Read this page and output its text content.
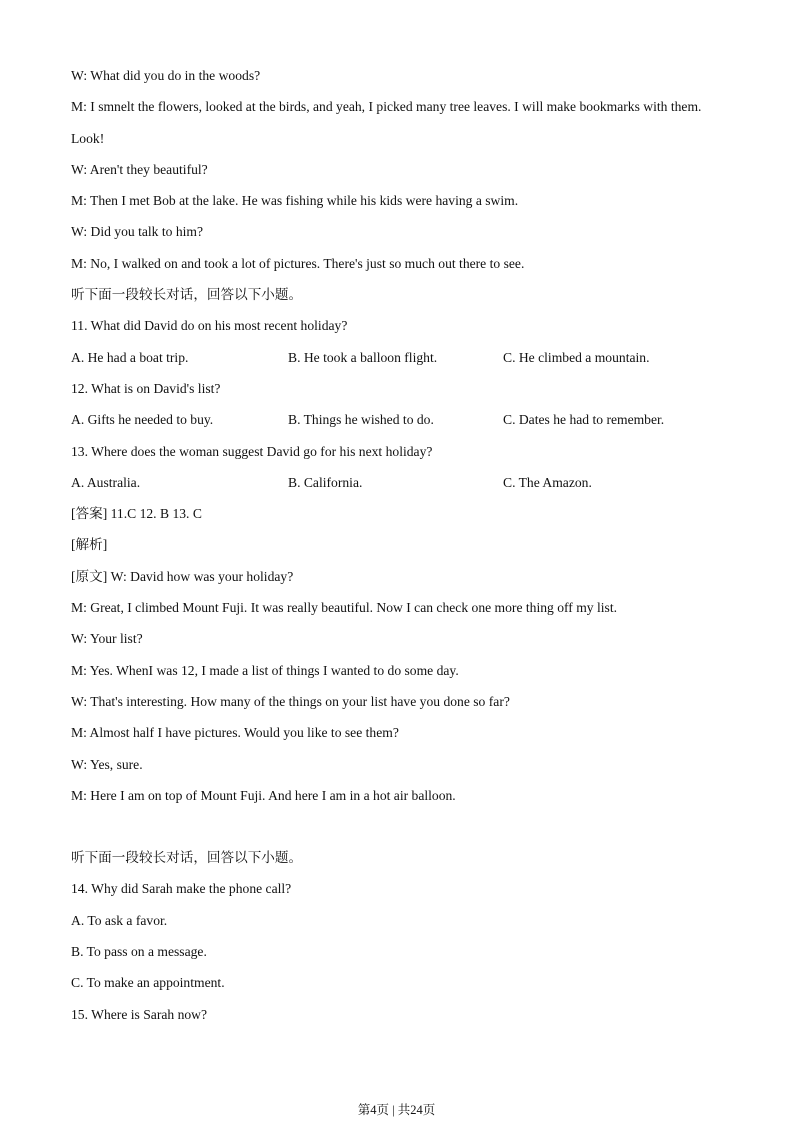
W: What did you do in the woods?
M: I smnelt the flowers, looked at the birds, and yeah, I picked many tree leaves. I will make bookmarks with them.
Look!
W: Aren't they beautiful?
M: Then I met Bob at the lake. He was fishing while his kids were having a swim.
W: Did you talk to him?
M: No, I walked on and took a lot of pictures. There's just so much out there to see.
听下面一段较长对话，回答以下小题。
11. What did David do on his most recent holiday?
A. He had a boat trip.	B. He took a balloon flight.	C. He climbed a mountain.
12. What is on David's list?
A. Gifts he needed to buy.	B. Things he wished to do.	C. Dates he had to remember.
13. Where does the woman suggest David go for his next holiday?
A. Australia.	B. California.	C. The Amazon.
[答案] 11.C 12. B 13. C
[解析]
[原文] W: David how was your holiday?
M: Great, I climbed Mount Fuji. It was really beautiful. Now I can check one more thing off my list.
W: Your list?
M: Yes. WhenI was 12, I made a list of things I wanted to do some day.
W: That's interesting. How many of the things on your list have you done so far?
M: Almost half I have pictures. Would you like to see them?
W: Yes, sure.
M: Here I am on top of Mount Fuji. And here I am in a hot air balloon.
听下面一段较长对话，回答以下小题。
14. Why did Sarah make the phone call?
A. To ask a favor.
B. To pass on a message.
C. To make an appointment.
15. Where is Sarah now?
第4页 | 共24页
